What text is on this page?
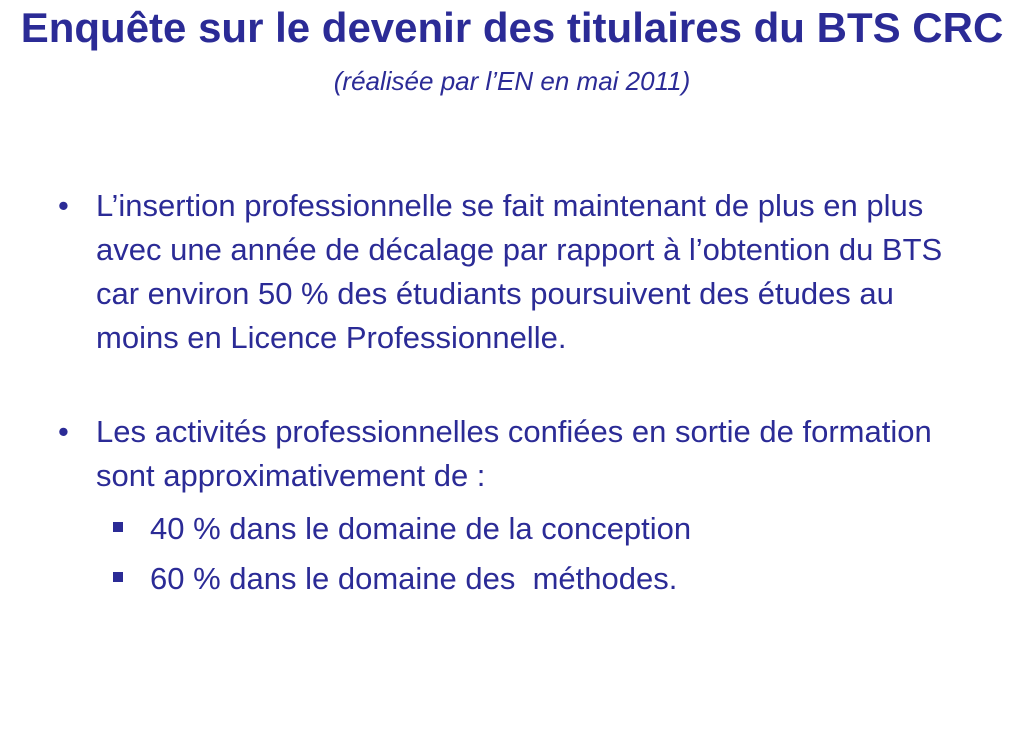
Enquête sur le devenir des titulaires du BTS CRC (réalisée par l’EN en mai 2011)
• L’insertion professionnelle se fait maintenant de plus en plus avec une année de décalage par rapport à l’obtention du BTS car environ 50 % des étudiants poursuivent des études au moins en Licence Professionnelle.
• Les activités professionnelles confiées en sortie de formation sont approximativement de :
40 % dans le domaine de la conception
60 % dans le domaine des  méthodes.
